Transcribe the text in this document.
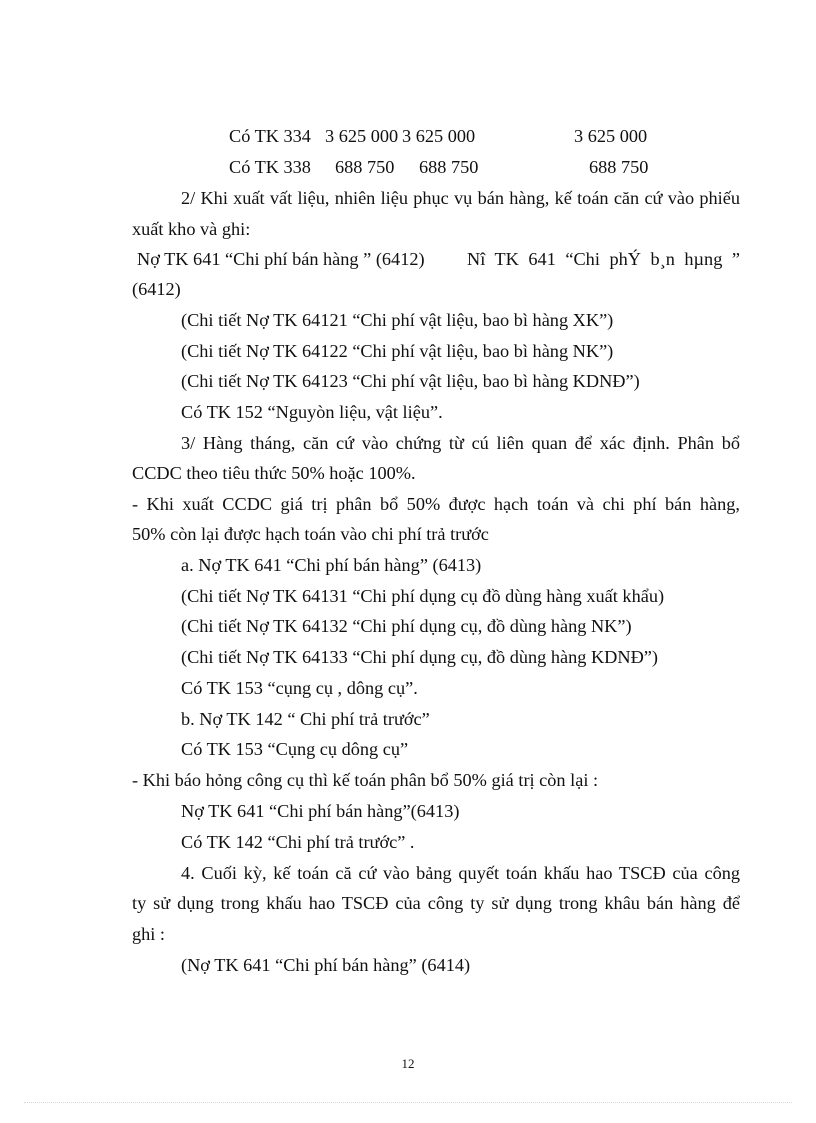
Có TK 334 3 625 000 3 625 000	3 625 000
Có TK 338 688 750 688 750	688 750
2/ Khi xuất vất liệu, nhiên liệu phục vụ bán hàng, kế toán căn cứ vào phiếu
xuất kho và ghi:
Nợ TK 641 “Chi phí bán hàng ” (6412) Nî TK 641 “Chi phÝ b¸n hµng ”
(6412)
(Chi tiết Nợ TK 64121 “Chi phí vật liệu, bao bì hàng XK”)
(Chi tiết Nợ TK 64122 “Chi phí vật liệu, bao bì hàng NK”)
(Chi tiết Nợ TK 64123 “Chi phí vật liệu, bao bì hàng KDNĐ”)
Có TK 152 “Nguyòn liệu, vật liệu”.
3/ Hàng tháng, căn cứ vào chứng từ cú liên quan để xác định. Phân bổ
CCDC theo tiêu thức 50% hoặc 100%.
- Khi xuất CCDC giá trị phân bổ 50% được hạch toán và chi phí bán hàng,
50% còn lại được hạch toán vào chi phí trả trước
a. Nợ TK 641 “Chi phí bán hàng” (6413)
(Chi tiết Nợ TK 64131 “Chi phí dụng cụ đồ dùng hàng xuất khẩu)
(Chi tiết Nợ TK 64132 “Chi phí dụng cụ, đồ dùng hàng NK”)
(Chi tiết Nợ TK 64133 “Chi phí dụng cụ, đồ dùng hàng KDNĐ”)
Có TK 153 “cụng cụ , dông cụ”.
b. Nợ TK 142 “ Chi phí trả trước”
Có TK 153 “Cụng cụ dông cụ”
- Khi báo hỏng công cụ thì kế toán phân bổ 50% giá trị còn lại :
Nợ TK 641 “Chi phí bán hàng”(6413)
Có TK 142 “Chi phí trả trước” .
4. Cuối kỳ, kế toán că cứ vào bảng quyết toán khấu hao TSCĐ của công
ty sử dụng trong khấu hao TSCĐ của công ty sử dụng trong khâu bán hàng để
ghi :
(Nợ TK 641 “Chi phí bán hàng” (6414)
12
